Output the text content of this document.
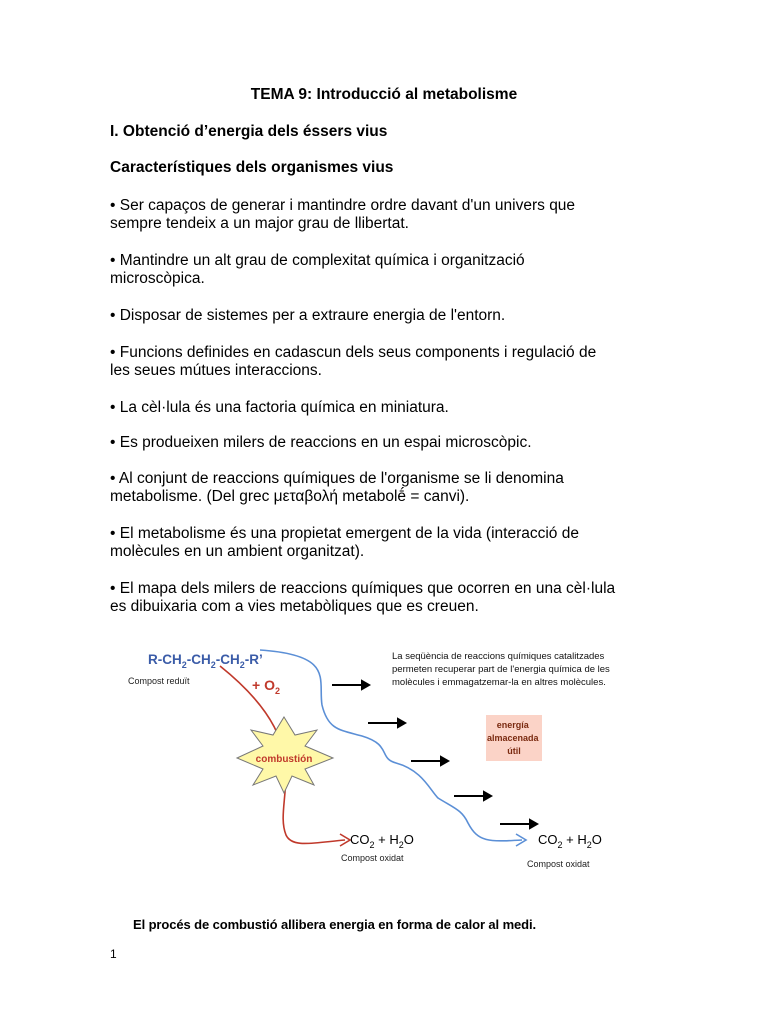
TEMA 9: Introducció al metabolisme
I. Obtenció d’energia dels éssers vius
Característiques dels organismes vius
• Ser capaços de generar i mantindre ordre davant d'un univers que
sempre tendeix a un major grau de llibertat.
• Mantindre un alt grau de complexitat química i organització
microscòpica.
• Disposar de sistemes per a extraure energia de l'entorn.
• Funcions definides en cadascun dels seus components i regulació de
les seues mútues interaccions.
• La cèl·lula és una factoria química en miniatura.
• Es produeixen milers de reaccions en un espai microscòpic.
• Al conjunt de reaccions químiques de l'organisme se li denomina
metabolisme. (Del grec μεταβολή metabolḗ = canvi).
• El metabolisme és una propietat emergent de la vida (interacció de
molècules en un ambient organitzat).
• El mapa dels milers de reaccions químiques que ocorren en una cèl·lula
es dibuixaria com a vies metabòliques que es creuen.
$R-CH_2-CH_2-CH_2-R$’
Compost reduït	+ $O_2$
combustión
La seqüència de reaccions químiques catalitzades permeten recuperar part de l'energia química de les molècules i emmagatzemar-la en altres molècules.
energía almacenada útil
$CO_2 + H_2O$
Compost oxidat
$CO_2 + H_2O$
Compost oxidat
El procés de combustió allibera energia en forma de calor al medi.
1
